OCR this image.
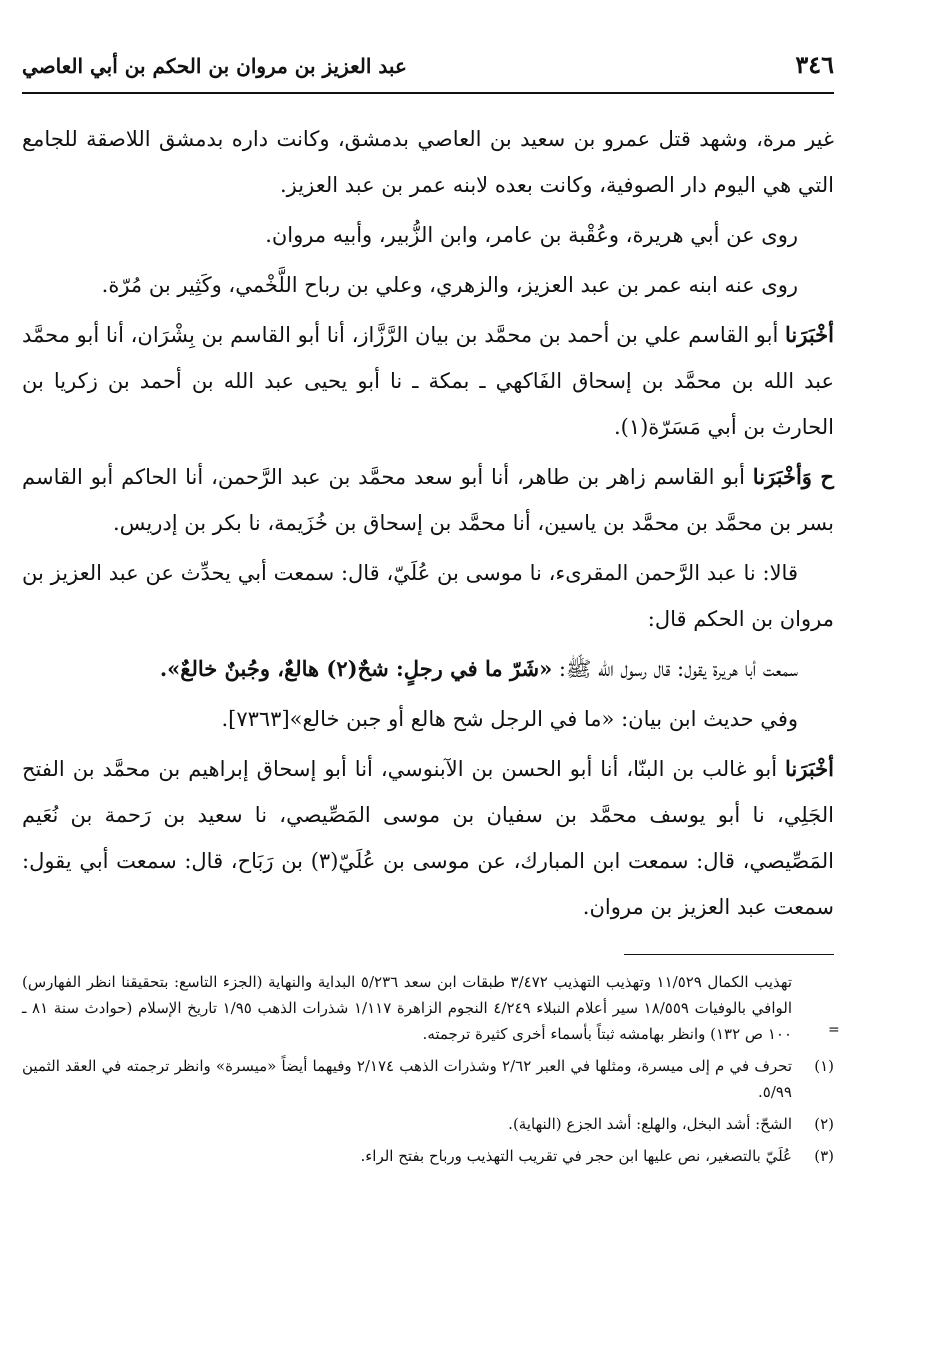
٣٤٦
عبد العزيز بن مروان بن الحكم بن أبي العاصي

غير مرة، وشهد قتل عمرو بن سعيد بن العاصي بدمشق، وكانت داره بدمشق اللاصقة للجامع التي هي اليوم دار الصوفية، وكانت بعده لابنه عمر بن عبد العزيز.

روى عن أبي هريرة، وعُقْبة بن عامر، وابن الزُّبير، وأبيه مروان.

روى عنه ابنه عمر بن عبد العزيز، والزهري، وعلي بن رباح اللَّخْمي، وكَثِير بن مُرّة.

أخْبَرَنا أبو القاسم علي بن أحمد بن محمَّد بن بيان الرَّزَّاز، أنا أبو القاسم بن بِشْرَان، أنا أبو محمَّد عبد الله بن محمَّد بن إسحاق الفَاكهي ـ بمكة ـ نا أبو يحيى عبد الله بن أحمد بن زكريا بن الحارث بن أبي مَسَرّة(١).

ح وَأخْبَرَنا أبو القاسم زاهر بن طاهر، أنا أبو سعد محمَّد بن عبد الرَّحمن، أنا الحاكم أبو القاسم بسر بن محمَّد بن محمَّد بن ياسين، أنا محمَّد بن إسحاق بن خُزَيمة، نا بكر بن إدريس.

قالا: نا عبد الرَّحمن المقرىء، نا موسى بن عُلَيّ، قال: سمعت أبي يحدِّث عن عبد العزيز بن مروان بن الحكم قال:

سمعت أبا هريرة يقول: قال رسول الله ﷺ: «شَرّ ما في رجلٍ: شحٌ(٢) هالعٌ، وجُبنٌ خالعٌ».

وفي حديث ابن بيان: «ما في الرجل شح هالع أو جبن خالع»[٧٣٦٣].

أخْبَرَنا أبو غالب بن البنّا، أنا أبو الحسن بن الآبنوسي، أنا أبو إسحاق إبراهيم بن محمَّد بن الفتح الجَلِي، نا أبو يوسف محمَّد بن سفيان بن موسى المَصِّيصي، نا سعيد بن رَحمة بن نُعَيم المَصِّيصي، قال: سمعت ابن المبارك، عن موسى بن عُلَيّ(٣) بن رَبَاح، قال: سمعت أبي يقول: سمعت عبد العزيز بن مروان.

تهذيب الكمال ١١/٥٢٩ وتهذيب التهذيب ٣/٤٧٢ طبقات ابن سعد ٥/٢٣٦ البداية والنهاية (الجزء التاسع: بتحقيقنا انظر الفهارس) الوافي بالوفيات ١٨/٥٥٩ سير أعلام النبلاء ٤/٢٤٩ النجوم الزاهرة ١/١١٧ شذرات الذهب ١/٩٥ تاريخ الإسلام (حوادث سنة ٨١ ـ ١٠٠ ص ١٣٢) وانظر بهامشه ثبتاً بأسماء أخرى كثيرة ترجمته.
(١)
تحرف في م إلى ميسرة، ومثلها في العبر ٢/٦٢ وشذرات الذهب ٢/١٧٤ وفيهما أيضاً «ميسرة» وانظر ترجمته في العقد الثمين ٥/٩٩.
(٢)
الشحّ: أشد البخل، والهلع: أشد الجزع (النهاية).
(٣)
عُلَيّ بالتصغير، نص عليها ابن حجر في تقريب التهذيب ورباح بفتح الراء.
=
